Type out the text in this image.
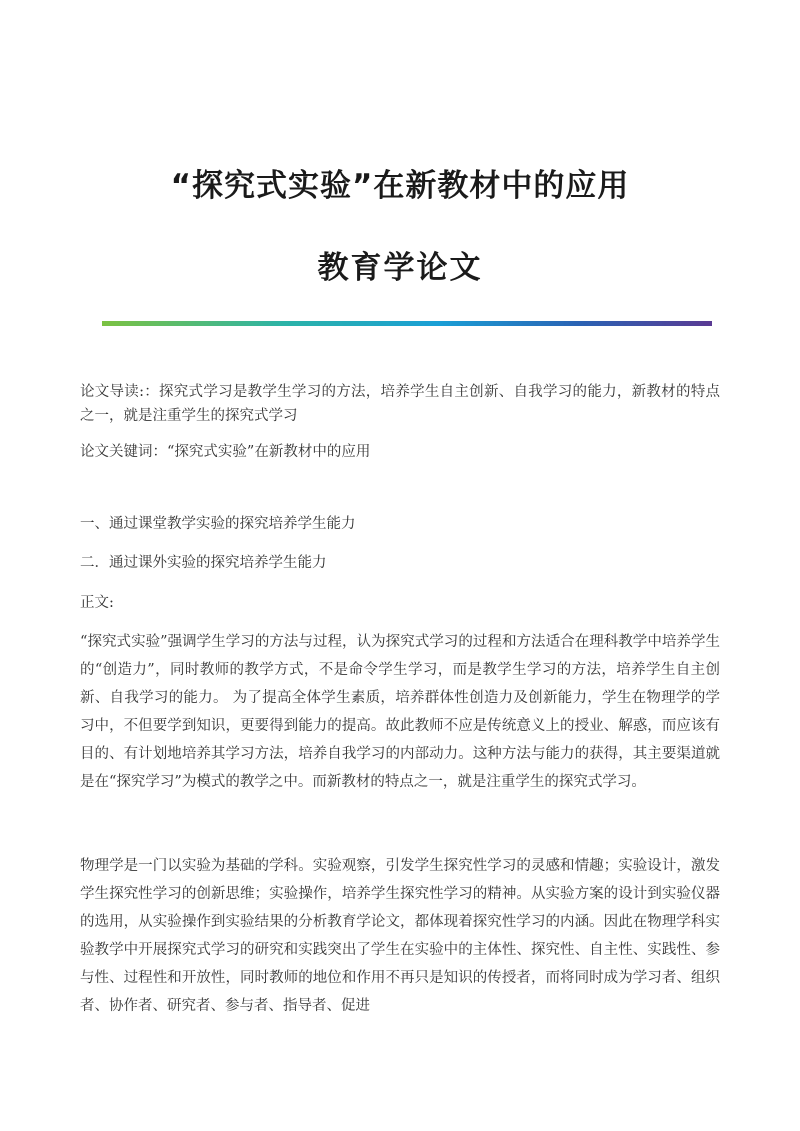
“探究式实验”在新教材中的应用
教育学论文

论文导读:：探究式学习是教学生学习的方法，培养学生自主创新、自我学习的能力，新教材的特点之一，就是注重学生的探究式学习

论文关键词：“探究式实验”在新教材中的应用

一、通过课堂教学实验的探究培养学生能力

二．通过课外实验的探究培养学生能力

正文:

“探究式实验”强调学生学习的方法与过程，认为探究式学习的过程和方法适合在理科教学中培养学生的“创造力”，同时教师的教学方式，不是命令学生学习，而是教学生学习的方法，培养学生自主创新、自我学习的能力。 为了提高全体学生素质，培养群体性创造力及创新能力，学生在物理学的学习中，不但要学到知识，更要得到能力的提高。故此教师不应是传统意义上的授业、解惑，而应该有目的、有计划地培养其学习方法，培养自我学习的内部动力。这种方法与能力的获得，其主要渠道就是在“探究学习”为模式的教学之中。而新教材的特点之一，就是注重学生的探究式学习。

物理学是一门以实验为基础的学科。实验观察，引发学生探究性学习的灵感和情趣；实验设计，激发学生探究性学习的创新思维；实验操作，培养学生探究性学习的精神。从实验方案的设计到实验仪器的选用，从实验操作到实验结果的分析教育学论文，都体现着探究性学习的内涵。因此在物理学科实验教学中开展探究式学习的研究和实践突出了学生在实验中的主体性、探究性、自主性、实践性、参与性、过程性和开放性，同时教师的地位和作用不再只是知识的传授者，而将同时成为学习者、组织者、协作者、研究者、参与者、指导者、促进
